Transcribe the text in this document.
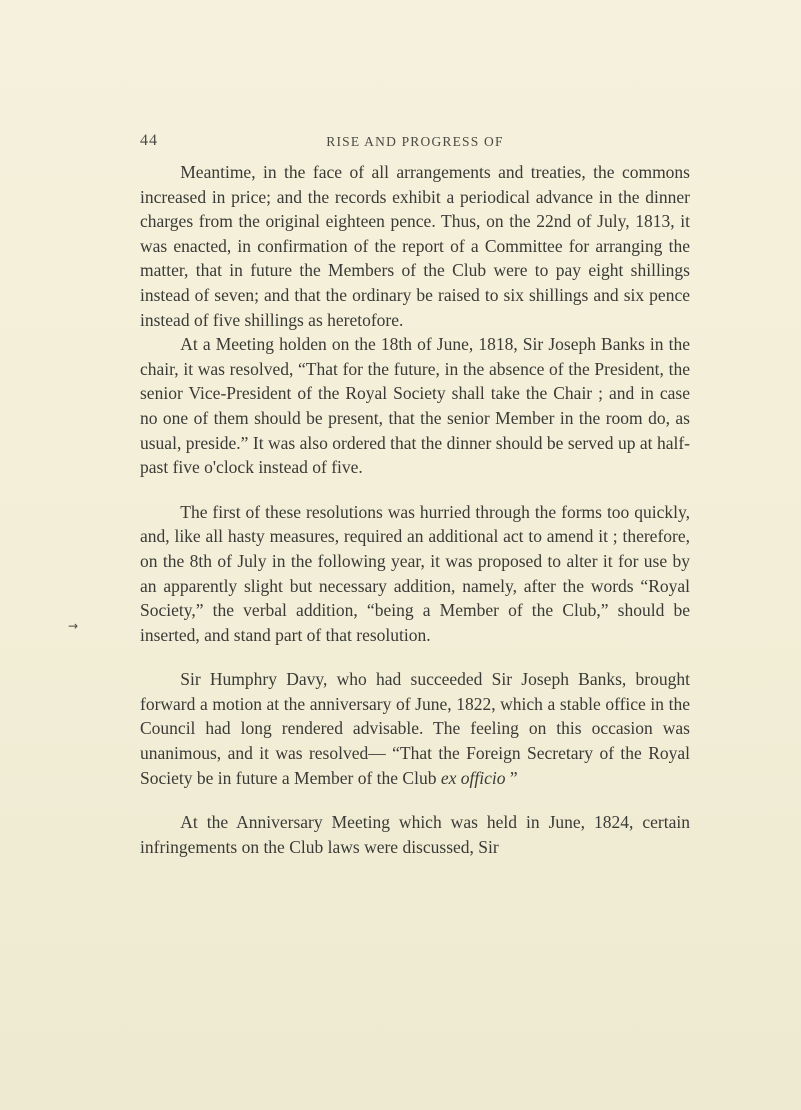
44	RISE AND PROGRESS OF
→

Meantime, in the face of all arrangements and treaties, the commons increased in price; and the records exhibit a periodical advance in the dinner charges from the original eighteen pence. Thus, on the 22nd of July, 1813, it was enacted, in confirmation of the report of a Committee for arranging the matter, that in future the Members of the Club were to pay eight shillings instead of seven; and that the ordinary be raised to six shillings and six pence instead of five shillings as heretofore.

At a Meeting holden on the 18th of June, 1818, Sir Joseph Banks in the chair, it was resolved, “That for the future, in the absence of the President, the senior Vice-President of the Royal Society shall take the Chair ; and in case no one of them should be present, that the senior Member in the room do, as usual, preside.” It was also ordered that the dinner should be served up at half-past five o'clock instead of five.

The first of these resolutions was hurried through the forms too quickly, and, like all hasty measures, required an additional act to amend it ; therefore, on the 8th of July in the following year, it was proposed to alter it for use by an apparently slight but necessary addition, namely, after the words “Royal Society,” the verbal addition, “being a Member of the Club,” should be inserted, and stand part of that resolution.

Sir Humphry Davy, who had succeeded Sir Joseph Banks, brought forward a motion at the anniversary of June, 1822, which a stable office in the Council had long rendered advisable. The feeling on this occasion was unanimous, and it was resolved— “That the Foreign Secretary of the Royal Society be in future a Member of the Club ex officio ”

At the Anniversary Meeting which was held in June, 1824, certain infringements on the Club laws were discussed, Sir
